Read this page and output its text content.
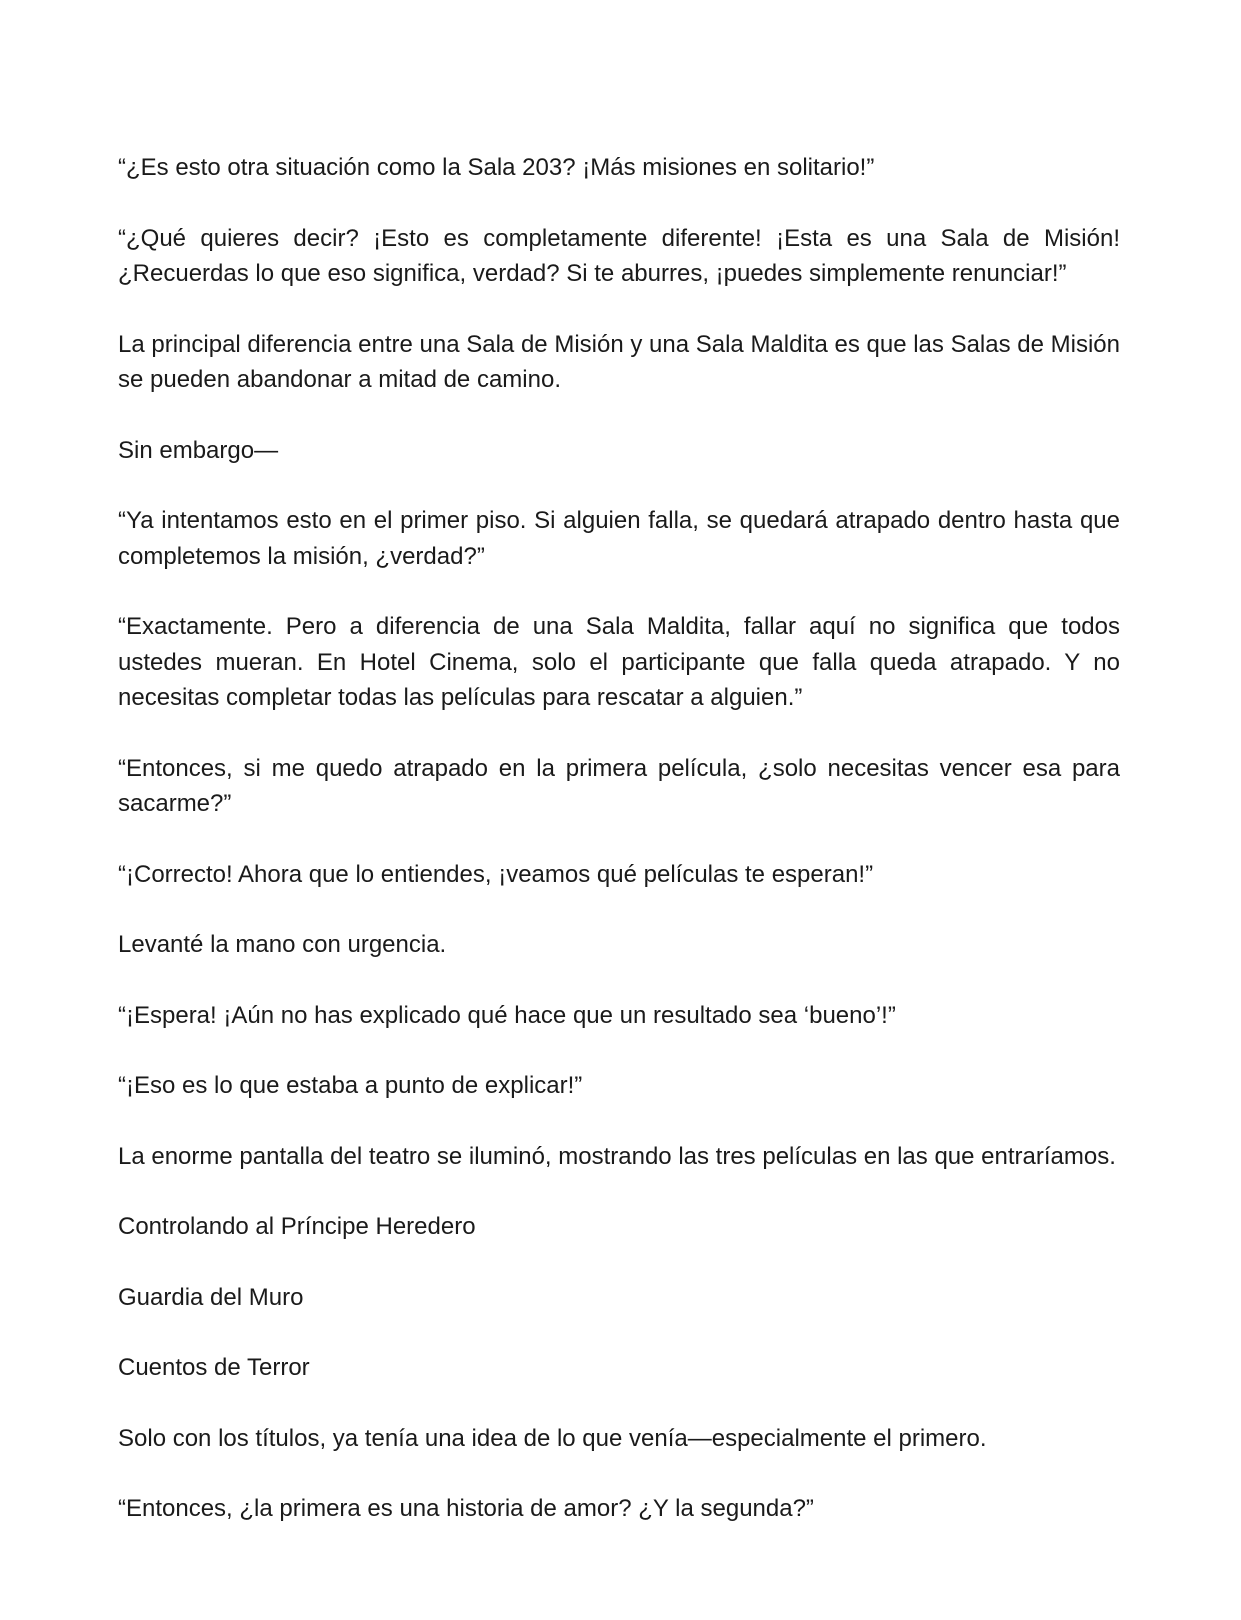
“¿Es esto otra situación como la Sala 203? ¡Más misiones en solitario!”

“¿Qué quieres decir? ¡Esto es completamente diferente! ¡Esta es una Sala de Misión! ¿Recuerdas lo que eso significa, verdad? Si te aburres, ¡puedes simplemente renunciar!”

La principal diferencia entre una Sala de Misión y una Sala Maldita es que las Salas de Misión se pueden abandonar a mitad de camino.

Sin embargo—

“Ya intentamos esto en el primer piso. Si alguien falla, se quedará atrapado dentro hasta que completemos la misión, ¿verdad?”

“Exactamente. Pero a diferencia de una Sala Maldita, fallar aquí no significa que todos ustedes mueran. En Hotel Cinema, solo el participante que falla queda atrapado. Y no necesitas completar todas las películas para rescatar a alguien.”

“Entonces, si me quedo atrapado en la primera película, ¿solo necesitas vencer esa para sacarme?”

“¡Correcto! Ahora que lo entiendes, ¡veamos qué películas te esperan!”

Levanté la mano con urgencia.

“¡Espera! ¡Aún no has explicado qué hace que un resultado sea ‘bueno’!”

“¡Eso es lo que estaba a punto de explicar!”

La enorme pantalla del teatro se iluminó, mostrando las tres películas en las que entraríamos.

Controlando al Príncipe Heredero

Guardia del Muro

Cuentos de Terror

Solo con los títulos, ya tenía una idea de lo que venía—especialmente el primero.

“Entonces, ¿la primera es una historia de amor? ¿Y la segunda?”
